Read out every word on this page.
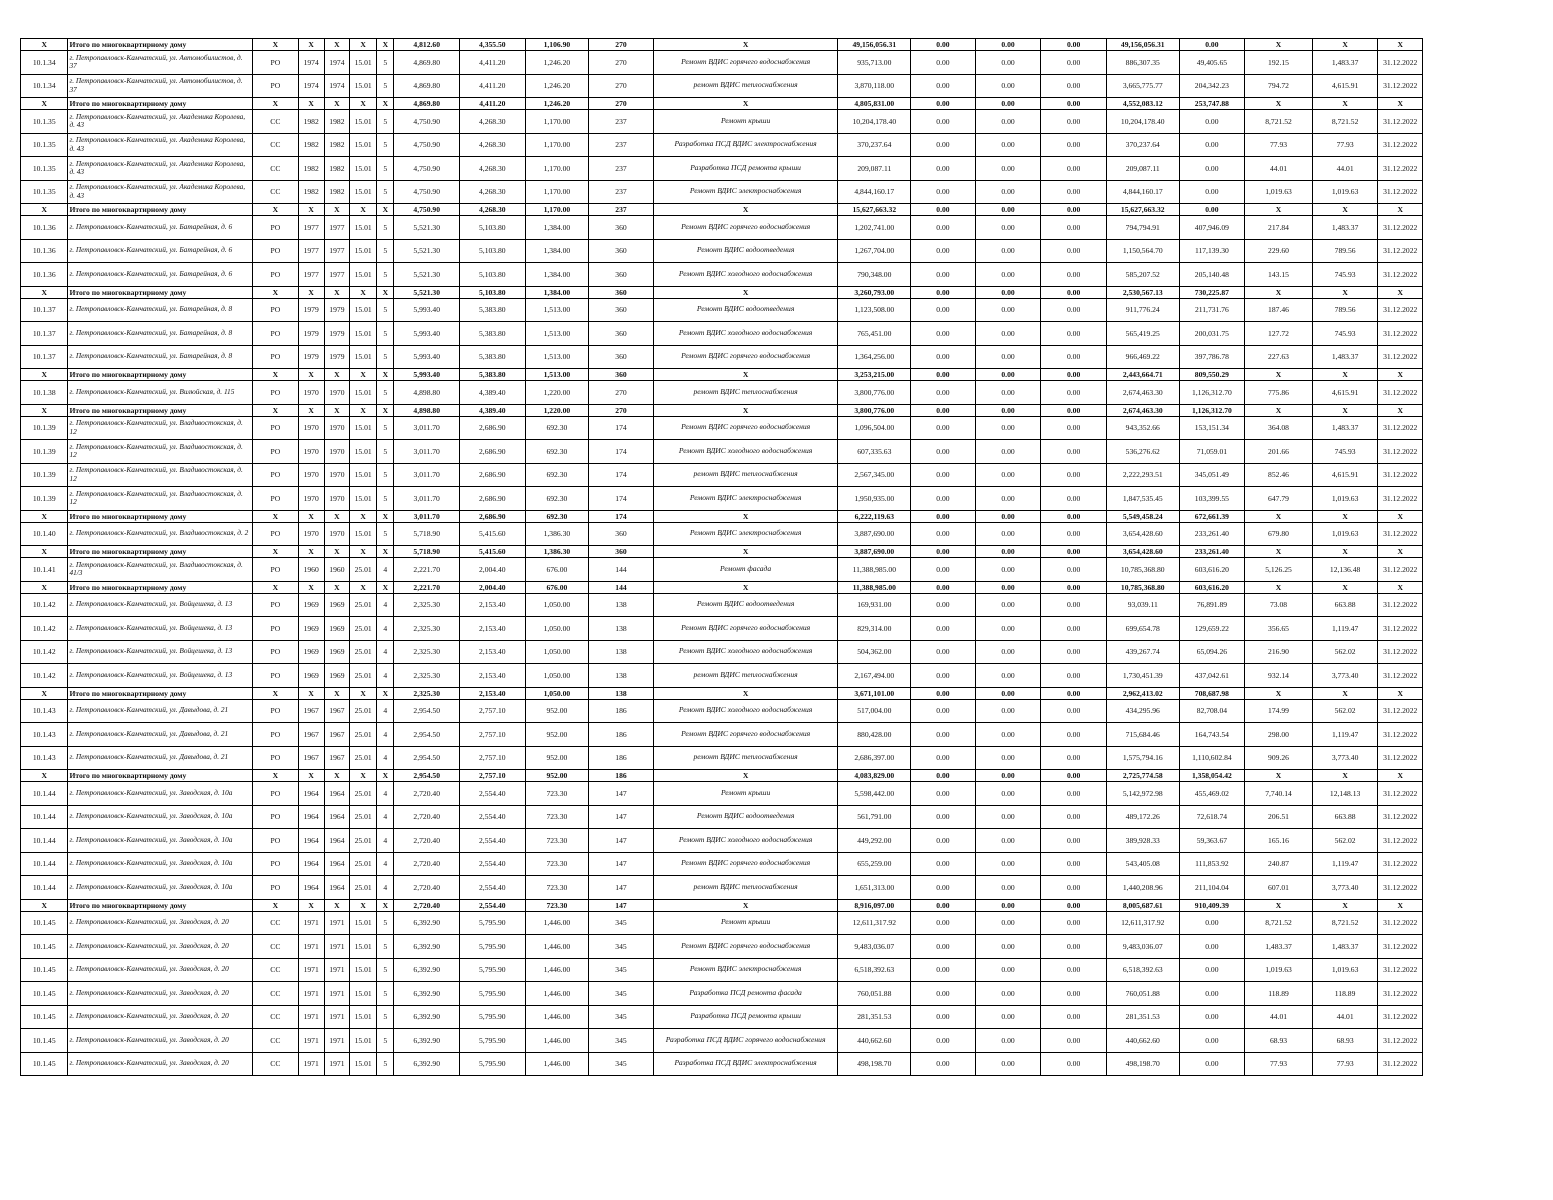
X	Итого по многоквартирному дому	X	X	X	X	X	4,812.60	4,355.50	1,106.90	270	X	49,156,056.31	0.00	0.00	0.00	49,156,056.31	0.00	X	X	X
10.1.34	г. Петропавловск-Камчатский, ул. Автомобилистов, д. 37	РО	1974	1974	15.01	5	4,869.80	4,411.20	1,246.20	270	Ремонт ВДИС горячего водоснабжения	935,713.00	0.00	0.00	0.00	886,307.35	49,405.65	192.15	1,483.37	31.12.2022
10.1.34	г. Петропавловск-Камчатский, ул. Автомобилистов, д. 37	РО	1974	1974	15.01	5	4,869.80	4,411.20	1,246.20	270	ремонт ВДИС теплоснабжения	3,870,118.00	0.00	0.00	0.00	3,665,775.77	204,342.23	794.72	4,615.91	31.12.2022
X	Итого по многоквартирному дому	X	X	X	X	X	4,869.80	4,411.20	1,246.20	270	X	4,805,831.00	0.00	0.00	0.00	4,552,083.12	253,747.88	X	X	X
10.1.35	г. Петропавловск-Камчатский, ул. Академика Королева, д. 43	СС	1982	1982	15.01	5	4,750.90	4,268.30	1,170.00	237	Ремонт крыши	10,204,178.40	0.00	0.00	0.00	10,204,178.40	0.00	8,721.52	8,721.52	31.12.2022
10.1.35	г. Петропавловск-Камчатский, ул. Академика Королева, д. 43	СС	1982	1982	15.01	5	4,750.90	4,268.30	1,170.00	237	Разработка ПСД ВДИС электроснабжения	370,237.64	0.00	0.00	0.00	370,237.64	0.00	77.93	77.93	31.12.2022
10.1.35	г. Петропавловск-Камчатский, ул. Академика Королева, д. 43	СС	1982	1982	15.01	5	4,750.90	4,268.30	1,170.00	237	Разработка ПСД ремонта крыши	209,087.11	0.00	0.00	0.00	209,087.11	0.00	44.01	44.01	31.12.2022
10.1.35	г. Петропавловск-Камчатский, ул. Академика Королева, д. 43	СС	1982	1982	15.01	5	4,750.90	4,268.30	1,170.00	237	Ремонт ВДИС электроснабжения	4,844,160.17	0.00	0.00	0.00	4,844,160.17	0.00	1,019.63	1,019.63	31.12.2022
X	Итого по многоквартирному дому	X	X	X	X	X	4,750.90	4,268.30	1,170.00	237	X	15,627,663.32	0.00	0.00	0.00	15,627,663.32	0.00	X	X	X
10.1.36	г. Петропавловск-Камчатский, ул. Батарейная, д. 6	РО	1977	1977	15.01	5	5,521.30	5,103.80	1,384.00	360	Ремонт ВДИС горячего водоснабжения	1,202,741.00	0.00	0.00	0.00	794,794.91	407,946.09	217.84	1,483.37	31.12.2022
10.1.36	г. Петропавловск-Камчатский, ул. Батарейная, д. 6	РО	1977	1977	15.01	5	5,521.30	5,103.80	1,384.00	360	Ремонт ВДИС водоотведения	1,267,704.00	0.00	0.00	0.00	1,150,564.70	117,139.30	229.60	789.56	31.12.2022
10.1.36	г. Петропавловск-Камчатский, ул. Батарейная, д. 6	РО	1977	1977	15.01	5	5,521.30	5,103.80	1,384.00	360	Ремонт ВДИС холодного водоснабжения	790,348.00	0.00	0.00	0.00	585,207.52	205,140.48	143.15	745.93	31.12.2022
X	Итого по многоквартирному дому	X	X	X	X	X	5,521.30	5,103.80	1,384.00	360	X	3,260,793.00	0.00	0.00	0.00	2,530,567.13	730,225.87	X	X	X
10.1.37	г. Петропавловск-Камчатский, ул. Батарейная, д. 8	РО	1979	1979	15.01	5	5,993.40	5,383.80	1,513.00	360	Ремонт ВДИС водоотведения	1,123,508.00	0.00	0.00	0.00	911,776.24	211,731.76	187.46	789.56	31.12.2022
10.1.37	г. Петропавловск-Камчатский, ул. Батарейная, д. 8	РО	1979	1979	15.01	5	5,993.40	5,383.80	1,513.00	360	Ремонт ВДИС холодного водоснабжения	765,451.00	0.00	0.00	0.00	565,419.25	200,031.75	127.72	745.93	31.12.2022
10.1.37	г. Петропавловск-Камчатский, ул. Батарейная, д. 8	РО	1979	1979	15.01	5	5,993.40	5,383.80	1,513.00	360	Ремонт ВДИС горячего водоснабжения	1,364,256.00	0.00	0.00	0.00	966,469.22	397,786.78	227.63	1,483.37	31.12.2022
X	Итого по многоквартирному дому	X	X	X	X	X	5,993.40	5,383.80	1,513.00	360	X	3,253,215.00	0.00	0.00	0.00	2,443,664.71	809,550.29	X	X	X
10.1.38	г. Петропавловск-Камчатский, ул. Вилюйская, д. 115	РО	1970	1970	15.01	5	4,898.80	4,389.40	1,220.00	270	ремонт ВДИС теплоснабжения	3,800,776.00	0.00	0.00	0.00	2,674,463.30	1,126,312.70	775.86	4,615.91	31.12.2022
X	Итого по многоквартирному дому	X	X	X	X	X	4,898.80	4,389.40	1,220.00	270	X	3,800,776.00	0.00	0.00	0.00	2,674,463.30	1,126,312.70	X	X	X
10.1.39	г. Петропавловск-Камчатский, ул. Владивостокская, д. 12	РО	1970	1970	15.01	5	3,011.70	2,686.90	692.30	174	Ремонт ВДИС горячего водоснабжения	1,096,504.00	0.00	0.00	0.00	943,352.66	153,151.34	364.08	1,483.37	31.12.2022
10.1.39	г. Петропавловск-Камчатский, ул. Владивостокская, д. 12	РО	1970	1970	15.01	5	3,011.70	2,686.90	692.30	174	Ремонт ВДИС холодного водоснабжения	607,335.63	0.00	0.00	0.00	536,276.62	71,059.01	201.66	745.93	31.12.2022
10.1.39	г. Петропавловск-Камчатский, ул. Владивостокская, д. 12	РО	1970	1970	15.01	5	3,011.70	2,686.90	692.30	174	ремонт ВДИС теплоснабжения	2,567,345.00	0.00	0.00	0.00	2,222,293.51	345,051.49	852.46	4,615.91	31.12.2022
10.1.39	г. Петропавловск-Камчатский, ул. Владивостокская, д. 12	РО	1970	1970	15.01	5	3,011.70	2,686.90	692.30	174	Ремонт ВДИС электроснабжения	1,950,935.00	0.00	0.00	0.00	1,847,535.45	103,399.55	647.79	1,019.63	31.12.2022
X	Итого по многоквартирному дому	X	X	X	X	X	3,011.70	2,686.90	692.30	174	X	6,222,119.63	0.00	0.00	0.00	5,549,458.24	672,661.39	X	X	X
10.1.40	г. Петропавловск-Камчатский, ул. Владивостокская, д. 2	РО	1970	1970	15.01	5	5,718.90	5,415.60	1,386.30	360	Ремонт ВДИС электроснабжения	3,887,690.00	0.00	0.00	0.00	3,654,428.60	233,261.40	679.80	1,019.63	31.12.2022
X	Итого по многоквартирному дому	X	X	X	X	X	5,718.90	5,415.60	1,386.30	360	X	3,887,690.00	0.00	0.00	0.00	3,654,428.60	233,261.40	X	X	X
10.1.41	г. Петропавловск-Камчатский, ул. Владивостокская, д. 41/3	РО	1960	1960	25.01	4	2,221.70	2,004.40	676.00	144	Ремонт фасада	11,388,985.00	0.00	0.00	0.00	10,785,368.80	603,616.20	5,126.25	12,136.48	31.12.2022
X	Итого по многоквартирному дому	X	X	X	X	X	2,221.70	2,004.40	676.00	144	X	11,388,985.00	0.00	0.00	0.00	10,785,368.80	603,616.20	X	X	X
10.1.42	г. Петропавловск-Камчатский, ул. Войцешека, д. 13	РО	1969	1969	25.01	4	2,325.30	2,153.40	1,050.00	138	Ремонт ВДИС водоотведения	169,931.00	0.00	0.00	0.00	93,039.11	76,891.89	73.08	663.88	31.12.2022
10.1.42	г. Петропавловск-Камчатский, ул. Войцешека, д. 13	РО	1969	1969	25.01	4	2,325.30	2,153.40	1,050.00	138	Ремонт ВДИС горячего водоснабжения	829,314.00	0.00	0.00	0.00	699,654.78	129,659.22	356.65	1,119.47	31.12.2022
10.1.42	г. Петропавловск-Камчатский, ул. Войцешека, д. 13	РО	1969	1969	25.01	4	2,325.30	2,153.40	1,050.00	138	Ремонт ВДИС холодного водоснабжения	504,362.00	0.00	0.00	0.00	439,267.74	65,094.26	216.90	562.02	31.12.2022
10.1.42	г. Петропавловск-Камчатский, ул. Войцешека, д. 13	РО	1969	1969	25.01	4	2,325.30	2,153.40	1,050.00	138	ремонт ВДИС теплоснабжения	2,167,494.00	0.00	0.00	0.00	1,730,451.39	437,042.61	932.14	3,773.40	31.12.2022
X	Итого по многоквартирному дому	X	X	X	X	X	2,325.30	2,153.40	1,050.00	138	X	3,671,101.00	0.00	0.00	0.00	2,962,413.02	708,687.98	X	X	X
10.1.43	г. Петропавловск-Камчатский, ул. Давыдова, д. 21	РО	1967	1967	25.01	4	2,954.50	2,757.10	952.00	186	Ремонт ВДИС холодного водоснабжения	517,004.00	0.00	0.00	0.00	434,295.96	82,708.04	174.99	562.02	31.12.2022
10.1.43	г. Петропавловск-Камчатский, ул. Давыдова, д. 21	РО	1967	1967	25.01	4	2,954.50	2,757.10	952.00	186	Ремонт ВДИС горячего водоснабжения	880,428.00	0.00	0.00	0.00	715,684.46	164,743.54	298.00	1,119.47	31.12.2022
10.1.43	г. Петропавловск-Камчатский, ул. Давыдова, д. 21	РО	1967	1967	25.01	4	2,954.50	2,757.10	952.00	186	ремонт ВДИС теплоснабжения	2,686,397.00	0.00	0.00	0.00	1,575,794.16	1,110,602.84	909.26	3,773.40	31.12.2022
X	Итого по многоквартирному дому	X	X	X	X	X	2,954.50	2,757.10	952.00	186	X	4,083,829.00	0.00	0.00	0.00	2,725,774.58	1,358,054.42	X	X	X
10.1.44	г. Петропавловск-Камчатский, ул. Заводская, д. 10а	РО	1964	1964	25.01	4	2,720.40	2,554.40	723.30	147	Ремонт крыши	5,598,442.00	0.00	0.00	0.00	5,142,972.98	455,469.02	7,740.14	12,148.13	31.12.2022
10.1.44	г. Петропавловск-Камчатский, ул. Заводская, д. 10а	РО	1964	1964	25.01	4	2,720.40	2,554.40	723.30	147	Ремонт ВДИС водоотведения	561,791.00	0.00	0.00	0.00	489,172.26	72,618.74	206.51	663.88	31.12.2022
10.1.44	г. Петропавловск-Камчатский, ул. Заводская, д. 10а	РО	1964	1964	25.01	4	2,720.40	2,554.40	723.30	147	Ремонт ВДИС холодного водоснабжения	449,292.00	0.00	0.00	0.00	389,928.33	59,363.67	165.16	562.02	31.12.2022
10.1.44	г. Петропавловск-Камчатский, ул. Заводская, д. 10а	РО	1964	1964	25.01	4	2,720.40	2,554.40	723.30	147	Ремонт ВДИС горячего водоснабжения	655,259.00	0.00	0.00	0.00	543,405.08	111,853.92	240.87	1,119.47	31.12.2022
10.1.44	г. Петропавловск-Камчатский, ул. Заводская, д. 10а	РО	1964	1964	25.01	4	2,720.40	2,554.40	723.30	147	ремонт ВДИС теплоснабжения	1,651,313.00	0.00	0.00	0.00	1,440,208.96	211,104.04	607.01	3,773.40	31.12.2022
X	Итого по многоквартирному дому	X	X	X	X	X	2,720.40	2,554.40	723.30	147	X	8,916,097.00	0.00	0.00	0.00	8,005,687.61	910,409.39	X	X	X
10.1.45	г. Петропавловск-Камчатский, ул. Заводская, д. 20	СС	1971	1971	15.01	5	6,392.90	5,795.90	1,446.00	345	Ремонт крыши	12,611,317.92	0.00	0.00	0.00	12,611,317.92	0.00	8,721.52	8,721.52	31.12.2022
10.1.45	г. Петропавловск-Камчатский, ул. Заводская, д. 20	СС	1971	1971	15.01	5	6,392.90	5,795.90	1,446.00	345	Ремонт ВДИС горячего водоснабжения	9,483,036.07	0.00	0.00	0.00	9,483,036.07	0.00	1,483.37	1,483.37	31.12.2022
10.1.45	г. Петропавловск-Камчатский, ул. Заводская, д. 20	СС	1971	1971	15.01	5	6,392.90	5,795.90	1,446.00	345	Ремонт ВДИС электроснабжения	6,518,392.63	0.00	0.00	0.00	6,518,392.63	0.00	1,019.63	1,019.63	31.12.2022
10.1.45	г. Петропавловск-Камчатский, ул. Заводская, д. 20	СС	1971	1971	15.01	5	6,392.90	5,795.90	1,446.00	345	Разработка ПСД ремонта фасада	760,051.88	0.00	0.00	0.00	760,051.88	0.00	118.89	118.89	31.12.2022
10.1.45	г. Петропавловск-Камчатский, ул. Заводская, д. 20	СС	1971	1971	15.01	5	6,392.90	5,795.90	1,446.00	345	Разработка ПСД ремонта крыши	281,351.53	0.00	0.00	0.00	281,351.53	0.00	44.01	44.01	31.12.2022
10.1.45	г. Петропавловск-Камчатский, ул. Заводская, д. 20	СС	1971	1971	15.01	5	6,392.90	5,795.90	1,446.00	345	Разработка ПСД ВДИС горячего водоснабжения	440,662.60	0.00	0.00	0.00	440,662.60	0.00	68.93	68.93	31.12.2022
10.1.45	г. Петропавловск-Камчатский, ул. Заводская, д. 20	СС	1971	1971	15.01	5	6,392.90	5,795.90	1,446.00	345	Разработка ПСД ВДИС электроснабжения	498,198.70	0.00	0.00	0.00	498,198.70	0.00	77.93	77.93	31.12.2022
